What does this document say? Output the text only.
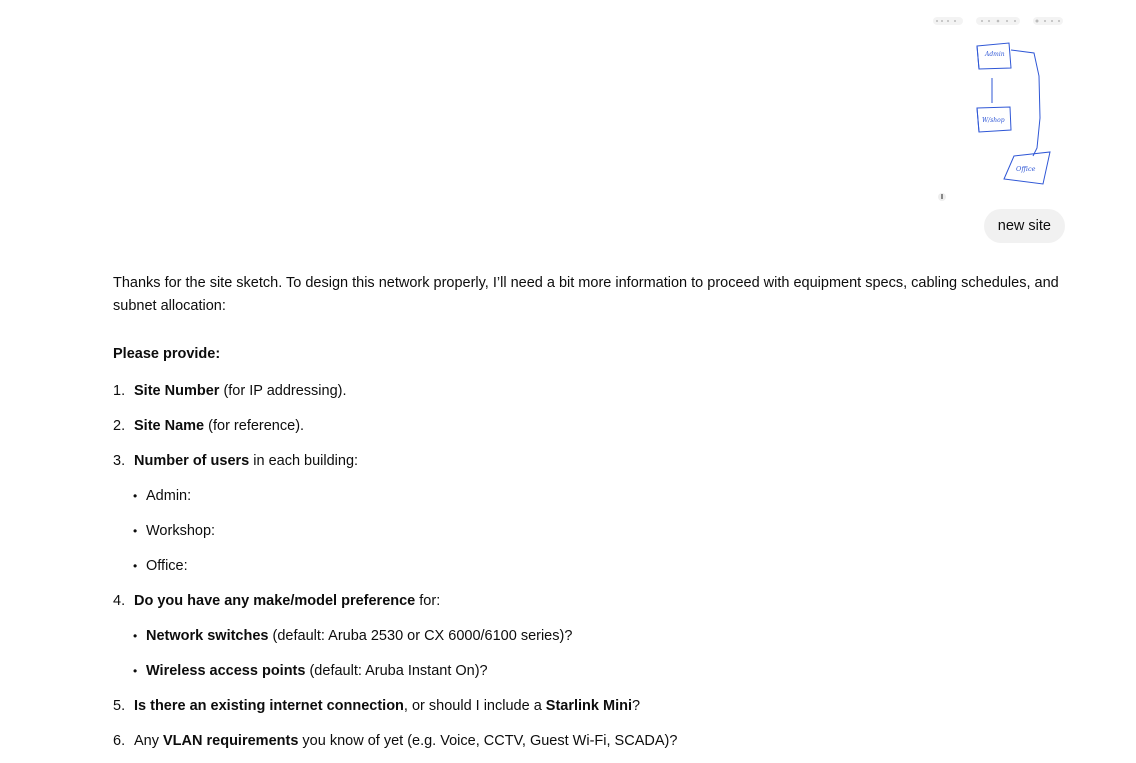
Admin
W/shop
Office
new site

Thanks for the site sketch. To design this network properly, I’ll need a bit more information to proceed with equipment specs, cabling schedules, and subnet allocation:

Please provide:

1. Site Number (for IP addressing).
2. Site Name (for reference).
3. Number of users in each building:
• Admin:
• Workshop:
• Office:
4. Do you have any make/model preference for:
• Network switches (default: Aruba 2530 or CX 6000/6100 series)?
• Wireless access points (default: Aruba Instant On)?
5. Is there an existing internet connection, or should I include a Starlink Mini?
6. Any VLAN requirements you know of yet (e.g. Voice, CCTV, Guest Wi-Fi, SCADA)?
